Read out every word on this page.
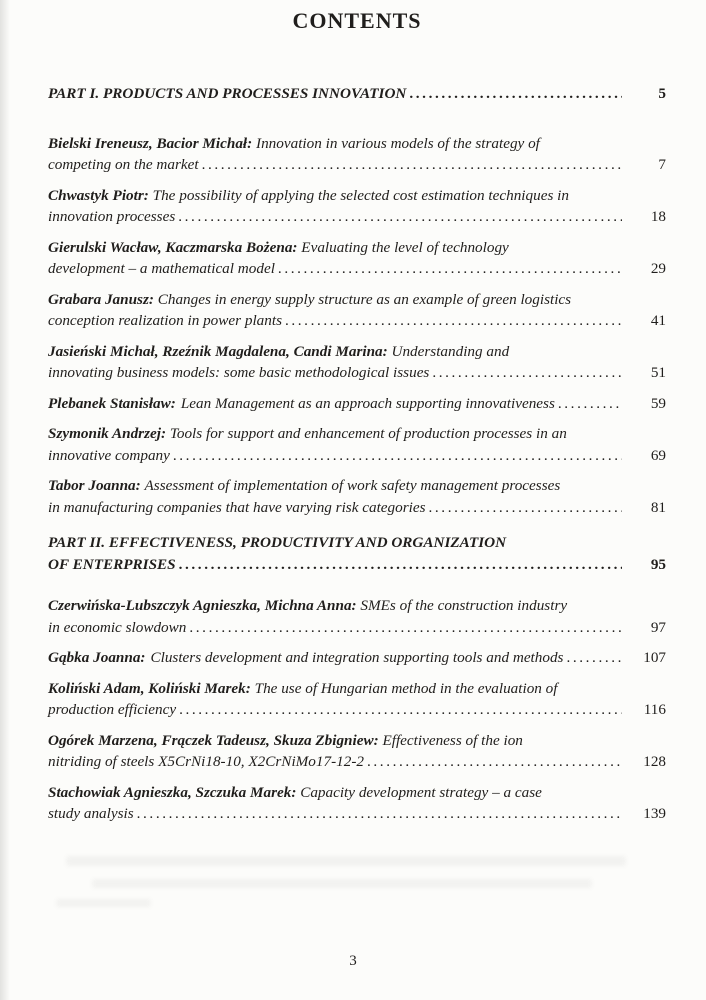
CONTENTS
PART I. PRODUCTS AND PROCESSES INNOVATION .....	5
Bielski Ireneusz, Bacior Michał: Innovation in various models of the strategy of
competing on the market .....	7
Chwastyk Piotr: The possibility of applying the selected cost estimation techniques in
innovation processes .....	18
Gierulski Wacław, Kaczmarska Bożena: Evaluating the level of technology
development – a mathematical model .....	29
Grabara Janusz: Changes in energy supply structure as an example of green logistics
conception realization in power plants .....	41
Jasieński Michał, Rzeźnik Magdalena, Candi Marina: Understanding and
innovating business models: some basic methodological issues .....	51
Plebanek Stanisław: Lean Management as an approach supporting innovativeness .....	59
Szymonik Andrzej: Tools for support and enhancement of production processes in an
innovative company .....	69
Tabor Joanna: Assessment of implementation of work safety management processes
in manufacturing companies that have varying risk categories .....	81
PART II. EFFECTIVENESS, PRODUCTIVITY AND ORGANIZATION
OF ENTERPRISES .....	95
Czerwińska-Lubszczyk Agnieszka, Michna Anna: SMEs of the construction industry
in economic slowdown .....	97
Gąbka Joanna: Clusters development and integration supporting tools and methods .....	107
Koliński Adam, Koliński Marek: The use of Hungarian method in the evaluation of
production efficiency .....	116
Ogórek Marzena, Frączek Tadeusz, Skuza Zbigniew: Effectiveness of the ion
nitriding of steels X5CrNi18-10, X2CrNiMo17-12-2 .....	128
Stachowiak Agnieszka, Szczuka Marek: Capacity development strategy – a case
study analysis .....	139
3
